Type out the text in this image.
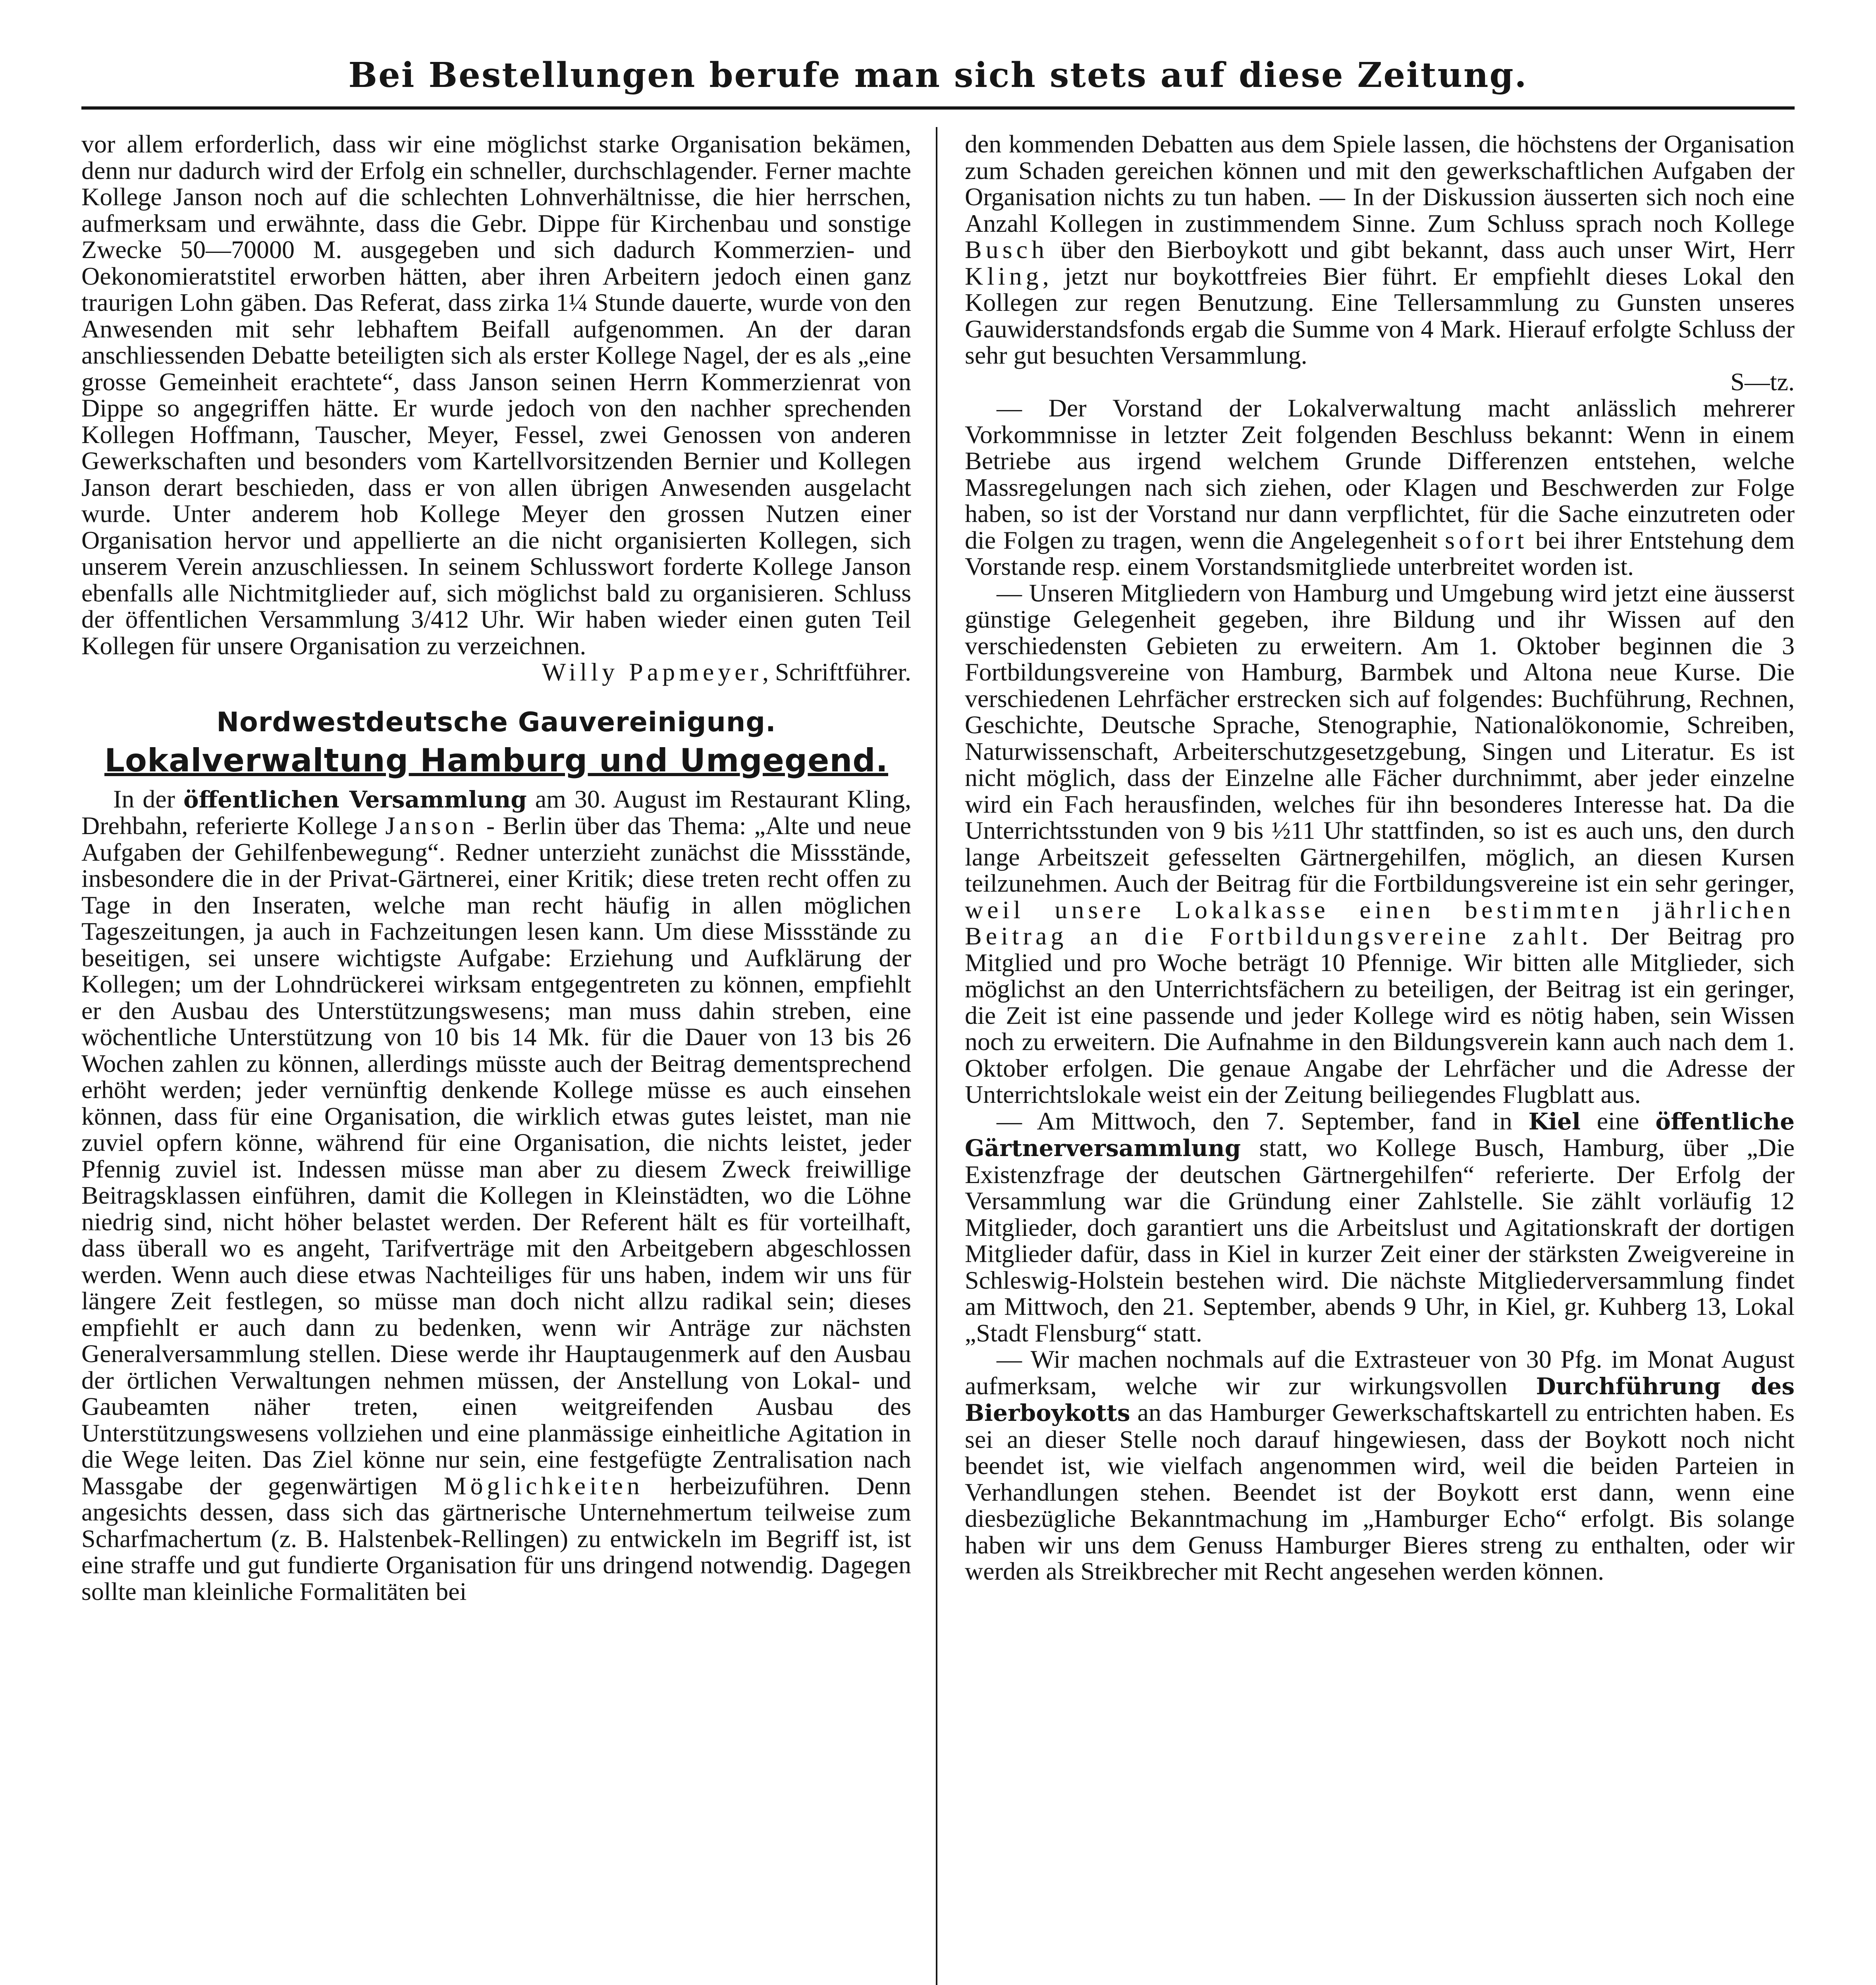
Bei Bestellungen berufe man sich stets auf diese Zeitung.

vor allem erforderlich, dass wir eine möglichst starke Organisation bekämen, denn nur dadurch wird der Erfolg ein schneller, durchschlagender. Ferner machte Kollege Janson noch auf die schlechten Lohnverhältnisse, die hier herrschen, aufmerksam und erwähnte, dass die Gebr. Dippe für Kirchenbau und sonstige Zwecke 50—70000 M. ausgegeben und sich dadurch Kommerzien- und Oekonomieratstitel erworben hätten, aber ihren Arbeitern jedoch einen ganz traurigen Lohn gäben. Das Referat, dass zirka 1¼ Stunde dauerte, wurde von den Anwesenden mit sehr lebhaftem Beifall aufgenommen. An der daran anschliessenden Debatte beteiligten sich als erster Kollege Nagel, der es als „eine grosse Gemeinheit erachtete“, dass Janson seinen Herrn Kommerzienrat von Dippe so angegriffen hätte. Er wurde jedoch von den nachher sprechenden Kollegen Hoffmann, Tauscher, Meyer, Fessel, zwei Genossen von anderen Gewerkschaften und besonders vom Kartellvorsitzenden Bernier und Kollegen Janson derart beschieden, dass er von allen übrigen Anwesenden ausgelacht wurde. Unter anderem hob Kollege Meyer den grossen Nutzen einer Organisation hervor und appellierte an die nicht organisierten Kollegen, sich unserem Verein anzuschliessen. In seinem Schlusswort forderte Kollege Janson ebenfalls alle Nichtmitglieder auf, sich möglichst bald zu organisieren. Schluss der öffentlichen Versammlung 3/412 Uhr. Wir haben wieder einen guten Teil Kollegen für unsere Organisation zu verzeichnen.

Willy Papmeyer, Schriftführer.

Nordwestdeutsche Gauvereinigung.
Lokalverwaltung Hamburg und Umgegend.

In der öffentlichen Versammlung am 30. August im Restaurant Kling, Drehbahn, referierte Kollege Janson - Berlin über das Thema: „Alte und neue Aufgaben der Gehilfenbewegung“. Redner unterzieht zunächst die Missstände, insbesondere die in der Privat-Gärtnerei, einer Kritik; diese treten recht offen zu Tage in den Inseraten, welche man recht häufig in allen möglichen Tageszeitungen, ja auch in Fachzeitungen lesen kann. Um diese Missstände zu beseitigen, sei unsere wichtigste Aufgabe: Erziehung und Aufklärung der Kollegen; um der Lohndrückerei wirksam entgegentreten zu können, empfiehlt er den Ausbau des Unterstützungswesens; man muss dahin streben, eine wöchentliche Unterstützung von 10 bis 14 Mk. für die Dauer von 13 bis 26 Wochen zahlen zu können, allerdings müsste auch der Beitrag dementsprechend erhöht werden; jeder vernünftig denkende Kollege müsse es auch einsehen können, dass für eine Organisation, die wirklich etwas gutes leistet, man nie zuviel opfern könne, während für eine Organisation, die nichts leistet, jeder Pfennig zuviel ist. Indessen müsse man aber zu diesem Zweck freiwillige Beitragsklassen einführen, damit die Kollegen in Kleinstädten, wo die Löhne niedrig sind, nicht höher belastet werden. Der Referent hält es für vorteilhaft, dass überall wo es angeht, Tarifverträge mit den Arbeitgebern abgeschlossen werden. Wenn auch diese etwas Nachteiliges für uns haben, indem wir uns für längere Zeit festlegen, so müsse man doch nicht allzu radikal sein; dieses empfiehlt er auch dann zu bedenken, wenn wir Anträge zur nächsten Generalversammlung stellen. Diese werde ihr Hauptaugenmerk auf den Ausbau der örtlichen Verwaltungen nehmen müssen, der Anstellung von Lokal- und Gaubeamten näher treten, einen weitgreifenden Ausbau des Unterstützungswesens vollziehen und eine planmässige einheitliche Agitation in die Wege leiten. Das Ziel könne nur sein, eine festgefügte Zentralisation nach Massgabe der gegenwärtigen Möglichkeiten herbeizuführen. Denn angesichts dessen, dass sich das gärtnerische Unternehmertum teilweise zum Scharfmachertum (z. B. Halstenbek-Rellingen) zu entwickeln im Begriff ist, ist eine straffe und gut fundierte Organisation für uns dringend notwendig. Dagegen sollte man kleinliche Formalitäten bei

den kommenden Debatten aus dem Spiele lassen, die höchstens der Organisation zum Schaden gereichen können und mit den gewerkschaftlichen Aufgaben der Organisation nichts zu tun haben. — In der Diskussion äusserten sich noch eine Anzahl Kollegen in zustimmendem Sinne. Zum Schluss sprach noch Kollege Busch über den Bierboykott und gibt bekannt, dass auch unser Wirt, Herr Kling, jetzt nur boykottfreies Bier führt. Er empfiehlt dieses Lokal den Kollegen zur regen Benutzung. Eine Tellersammlung zu Gunsten unseres Gauwiderstandsfonds ergab die Summe von 4 Mark. Hierauf erfolgte Schluss der sehr gut besuchten Versammlung.

S—tz.

— Der Vorstand der Lokalverwaltung macht anlässlich mehrerer Vorkommnisse in letzter Zeit folgenden Beschluss bekannt: Wenn in einem Betriebe aus irgend welchem Grunde Differenzen entstehen, welche Massregelungen nach sich ziehen, oder Klagen und Beschwerden zur Folge haben, so ist der Vorstand nur dann verpflichtet, für die Sache einzutreten oder die Folgen zu tragen, wenn die Angelegenheit sofort bei ihrer Entstehung dem Vorstande resp. einem Vorstandsmitgliede unterbreitet worden ist.

— Unseren Mitgliedern von Hamburg und Umgebung wird jetzt eine äusserst günstige Gelegenheit gegeben, ihre Bildung und ihr Wissen auf den verschiedensten Gebieten zu erweitern. Am 1. Oktober beginnen die 3 Fortbildungsvereine von Hamburg, Barmbek und Altona neue Kurse. Die verschiedenen Lehrfächer erstrecken sich auf folgendes: Buchführung, Rechnen, Geschichte, Deutsche Sprache, Stenographie, Nationalökonomie, Schreiben, Naturwissenschaft, Arbeiterschutzgesetzgebung, Singen und Literatur. Es ist nicht möglich, dass der Einzelne alle Fächer durchnimmt, aber jeder einzelne wird ein Fach herausfinden, welches für ihn besonderes Interesse hat. Da die Unterrichtsstunden von 9 bis ½11 Uhr stattfinden, so ist es auch uns, den durch lange Arbeitszeit gefesselten Gärtnergehilfen, möglich, an diesen Kursen teilzunehmen. Auch der Beitrag für die Fortbildungsvereine ist ein sehr geringer, weil unsere Lokalkasse einen bestimmten jährlichen Beitrag an die Fortbildungsvereine zahlt. Der Beitrag pro Mitglied und pro Woche beträgt 10 Pfennige. Wir bitten alle Mitglieder, sich möglichst an den Unterrichtsfächern zu beteiligen, der Beitrag ist ein geringer, die Zeit ist eine passende und jeder Kollege wird es nötig haben, sein Wissen noch zu erweitern. Die Aufnahme in den Bildungsverein kann auch nach dem 1. Oktober erfolgen. Die genaue Angabe der Lehrfächer und die Adresse der Unterrichtslokale weist ein der Zeitung beiliegendes Flugblatt aus.

— Am Mittwoch, den 7. September, fand in Kiel eine öffentliche Gärtnerversammlung statt, wo Kollege Busch, Hamburg, über „Die Existenzfrage der deutschen Gärtnergehilfen“ referierte. Der Erfolg der Versammlung war die Gründung einer Zahlstelle. Sie zählt vorläufig 12 Mitglieder, doch garantiert uns die Arbeitslust und Agitationskraft der dortigen Mitglieder dafür, dass in Kiel in kurzer Zeit einer der stärksten Zweigvereine in Schleswig-Holstein bestehen wird. Die nächste Mitgliederversammlung findet am Mittwoch, den 21. September, abends 9 Uhr, in Kiel, gr. Kuhberg 13, Lokal „Stadt Flensburg“ statt.

— Wir machen nochmals auf die Extrasteuer von 30 Pfg. im Monat August aufmerksam, welche wir zur wirkungsvollen Durchführung des Bierboykotts an das Hamburger Gewerkschaftskartell zu entrichten haben. Es sei an dieser Stelle noch darauf hingewiesen, dass der Boykott noch nicht beendet ist, wie vielfach angenommen wird, weil die beiden Parteien in Verhandlungen stehen. Beendet ist der Boykott erst dann, wenn eine diesbezügliche Bekanntmachung im „Hamburger Echo“ erfolgt. Bis solange haben wir uns dem Genuss Hamburger Bieres streng zu enthalten, oder wir werden als Streikbrecher mit Recht angesehen werden können.
